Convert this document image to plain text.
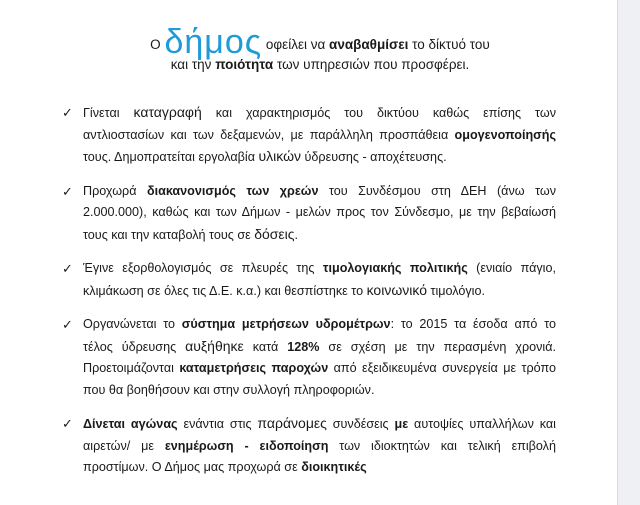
Ο δήμος οφείλει να αναβαθμίσει το δίκτυό του
και την ποιότητα των υπηρεσιών που προσφέρει.
✓ Γίνεται καταγραφή και χαρακτηρισμός του δικτύου καθώς επίσης των αντλιοστασίων και των δεξαμενών, με παράλληλη προσπάθεια ομογενοποίησής τους. Δημοπρατείται εργολαβία υλικών ύδρευσης - αποχέτευσης.
✓ Προχωρά διακανονισμός των χρεών του Συνδέσμου στη ΔΕΗ (άνω των 2.000.000), καθώς και των Δήμων - μελών προς τον Σύνδεσμο, με την βεβαίωσή τους και την καταβολή τους σε δόσεις.
✓ Έγινε εξορθολογισμός σε πλευρές της τιμολογιακής πολιτικής (ενιαίο πάγιο, κλιμάκωση σε όλες τις Δ.Ε. κ.α.) και θεσπίστηκε το κοινωνικό τιμολόγιο.
✓ Οργανώνεται το σύστημα μετρήσεων υδρομέτρων: το 2015 τα έσοδα από το τέλος ύδρευσης αυξήθηκε κατά 128% σε σχέση με την περασμένη χρονιά. Προετοιμάζονται καταμετρήσεις παροχών από εξειδικευμένα συνεργεία με τρόπο που θα βοηθήσουν και στην συλλογή πληροφοριών.
✓ Δίνεται αγώνας ενάντια στις παράνομες συνδέσεις με αυτοψίες υπαλλήλων και αιρετών/ με ενημέρωση - ειδοποίηση των ιδιοκτητών και τελική επιβολή προστίμων. Ο Δήμος μας προχωρά σε διοικητικές
